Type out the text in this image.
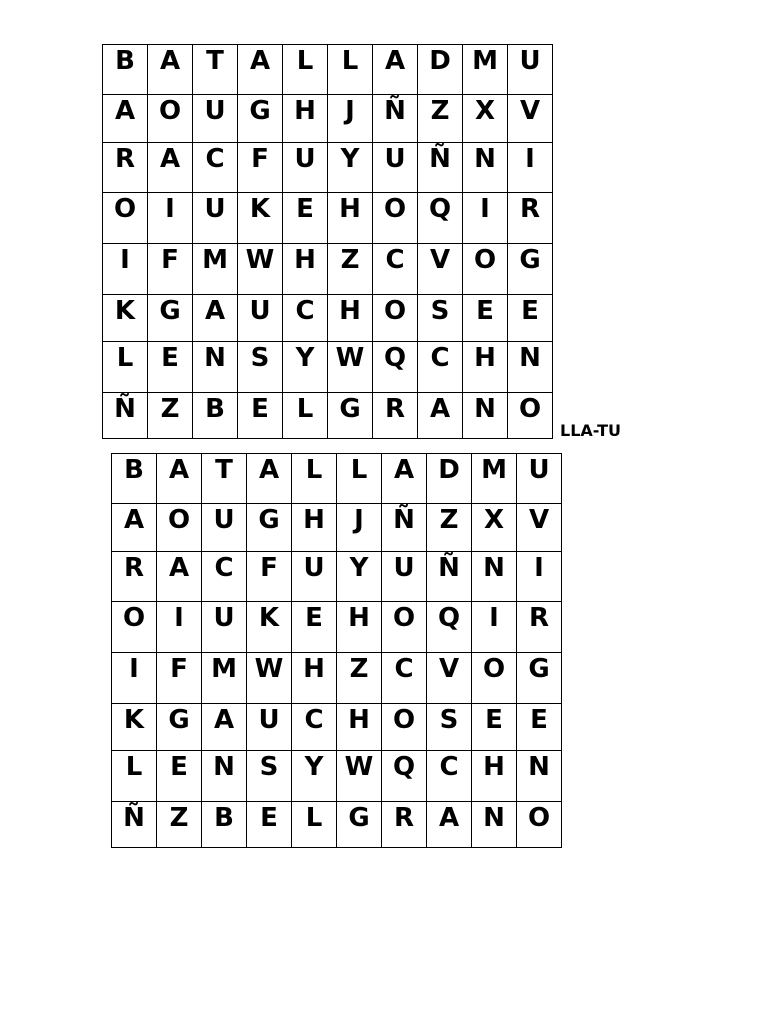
B	A	T	A	L	L	A	D	M	U
A	O	U	G	H	J	Ñ	Z	X	V
R	A	C	F	U	Y	U	Ñ	N	I
O	I	U	K	E	H	O	Q	I	R
I	F	M	W	H	Z	C	V	O	G
K	G	A	U	C	H	O	S	E	E
L	E	N	S	Y	W	Q	C	H	N
Ñ	Z	B	E	L	G	R	A	N	O
LLA-TU
B	A	T	A	L	L	A	D	M	U
A	O	U	G	H	J	Ñ	Z	X	V
R	A	C	F	U	Y	U	Ñ	N	I
O	I	U	K	E	H	O	Q	I	R
I	F	M	W	H	Z	C	V	O	G
K	G	A	U	C	H	O	S	E	E
L	E	N	S	Y	W	Q	C	H	N
Ñ	Z	B	E	L	G	R	A	N	O
